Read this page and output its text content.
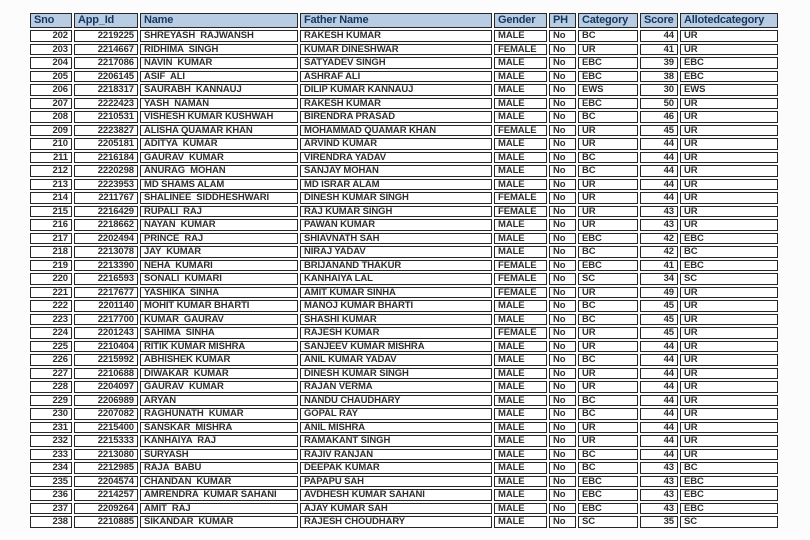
Sno	App_Id	Name	Father Name	Gender	PH	Category	Score	Allotedcategory
202	2219225	SHREYASH  RAJWANSH	RAKESH KUMAR	MALE	No	BC	44	UR
203	2214667	RIDHIMA  SINGH	KUMAR DINESHWAR	FEMALE	No	UR	41	UR
204	2217086	NAVIN  KUMAR	SATYADEV SINGH	MALE	No	EBC	39	EBC
205	2206145	ASIF  ALI	ASHRAF ALI	MALE	No	EBC	38	EBC
206	2218317	SAURABH  KANNAUJ	DILIP KUMAR KANNAUJ	MALE	No	EWS	30	EWS
207	2222423	YASH  NAMAN	RAKESH KUMAR	MALE	No	EBC	50	UR
208	2210531	VISHESH KUMAR KUSHWAH	BIRENDRA PRASAD	MALE	No	BC	46	UR
209	2223827	ALISHA QUAMAR KHAN	MOHAMMAD QUAMAR KHAN	FEMALE	No	UR	45	UR
210	2205181	ADITYA  KUMAR	ARVIND KUMAR	MALE	No	UR	44	UR
211	2216184	GAURAV  KUMAR	VIRENDRA YADAV	MALE	No	BC	44	UR
212	2220298	ANURAG  MOHAN	SANJAY MOHAN	MALE	No	BC	44	UR
213	2223953	MD SHAMS ALAM	MD ISRAR ALAM	MALE	No	UR	44	UR
214	2211767	SHALINEE  SIDDHESHWARI	DINESH KUMAR SINGH	FEMALE	No	UR	44	UR
215	2216429	RUPALI  RAJ	RAJ KUMAR SINGH	FEMALE	No	UR	43	UR
216	2218662	NAYAN  KUMAR	PAWAN KUMAR	MALE	No	UR	43	UR
217	2202494	PRINCE  RAJ	SHIAVNATH SAH	MALE	No	EBC	42	EBC
218	2213078	JAY  KUMAR	NIRAJ YADAV	MALE	No	BC	42	BC
219	2213390	NEHA  KUMARI	BRIJANAND THAKUR	FEMALE	No	EBC	41	EBC
220	2216593	SONALI  KUMARI	KANHAIYA LAL	FEMALE	No	SC	34	SC
221	2217677	YASHIKA  SINHA	AMIT KUMAR SINHA	FEMALE	No	UR	49	UR
222	2201140	MOHIT KUMAR BHARTI	MANOJ KUMAR BHARTI	MALE	No	BC	45	UR
223	2217700	KUMAR  GAURAV	SHASHI KUMAR	MALE	No	BC	45	UR
224	2201243	SAHIMA  SINHA	RAJESH KUMAR	FEMALE	No	UR	45	UR
225	2210404	RITIK KUMAR MISHRA	SANJEEV KUMAR MISHRA	MALE	No	UR	44	UR
226	2215992	ABHISHEK KUMAR	ANIL KUMAR YADAV	MALE	No	BC	44	UR
227	2210688	DIWAKAR  KUMAR	DINESH KUMAR SINGH	MALE	No	UR	44	UR
228	2204097	GAURAV  KUMAR	RAJAN VERMA	MALE	No	UR	44	UR
229	2206989	ARYAN	NANDU CHAUDHARY	MALE	No	BC	44	UR
230	2207082	RAGHUNATH  KUMAR	GOPAL RAY	MALE	No	BC	44	UR
231	2215400	SANSKAR  MISHRA	ANIL MISHRA	MALE	No	UR	44	UR
232	2215333	KANHAIYA  RAJ	RAMAKANT SINGH	MALE	No	UR	44	UR
233	2213080	SURYASH	RAJIV RANJAN	MALE	No	BC	44	UR
234	2212985	RAJA  BABU	DEEPAK KUMAR	MALE	No	BC	43	BC
235	2204574	CHANDAN  KUMAR	PAPAPU SAH	MALE	No	EBC	43	EBC
236	2214257	AMRENDRA  KUMAR SAHANI	AVDHESH KUMAR SAHANI	MALE	No	EBC	43	EBC
237	2209264	AMIT  RAJ	AJAY KUMAR SAH	MALE	No	EBC	43	EBC
238	2210885	SIKANDAR  KUMAR	RAJESH CHOUDHARY	MALE	No	SC	35	SC
